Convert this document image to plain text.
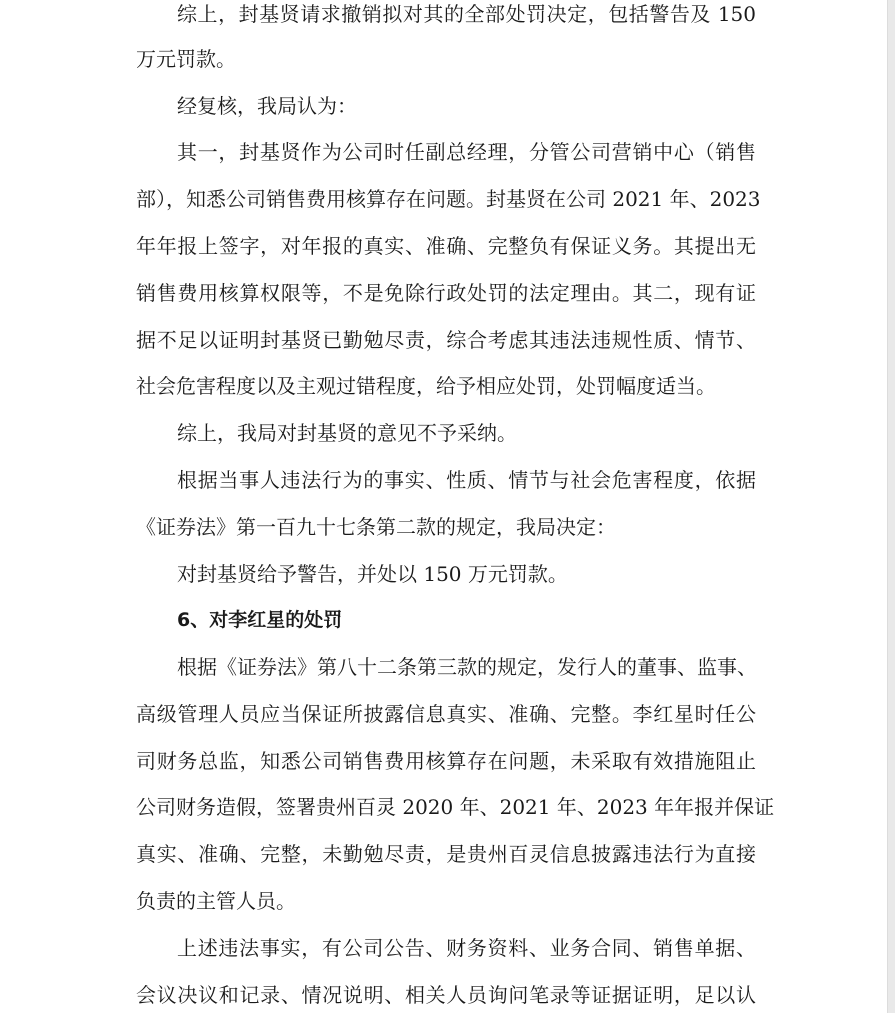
综上，封基贤请求撤销拟对其的全部处罚决定，包括警告及 150
万元罚款。
经复核，我局认为：
其一，封基贤作为公司时任副总经理，分管公司营销中心（销售
部），知悉公司销售费用核算存在问题。封基贤在公司 2021 年、2023
年年报上签字，对年报的真实、准确、完整负有保证义务。其提出无
销售费用核算权限等，不是免除行政处罚的法定理由。其二，现有证
据不足以证明封基贤已勤勉尽责，综合考虑其违法违规性质、情节、
社会危害程度以及主观过错程度，给予相应处罚，处罚幅度适当。
综上，我局对封基贤的意见不予采纳。
根据当事人违法行为的事实、性质、情节与社会危害程度，依据
《证券法》第一百九十七条第二款的规定，我局决定：
对封基贤给予警告，并处以 150 万元罚款。
6、对李红星的处罚
根据《证券法》第八十二条第三款的规定，发行人的董事、监事、
高级管理人员应当保证所披露信息真实、准确、完整。李红星时任公
司财务总监，知悉公司销售费用核算存在问题，未采取有效措施阻止
公司财务造假，签署贵州百灵 2020 年、2021 年、2023 年年报并保证
真实、准确、完整，未勤勉尽责，是贵州百灵信息披露违法行为直接
负责的主管人员。
上述违法事实，有公司公告、财务资料、业务合同、销售单据、
会议决议和记录、情况说明、相关人员询问笔录等证据证明，足以认
